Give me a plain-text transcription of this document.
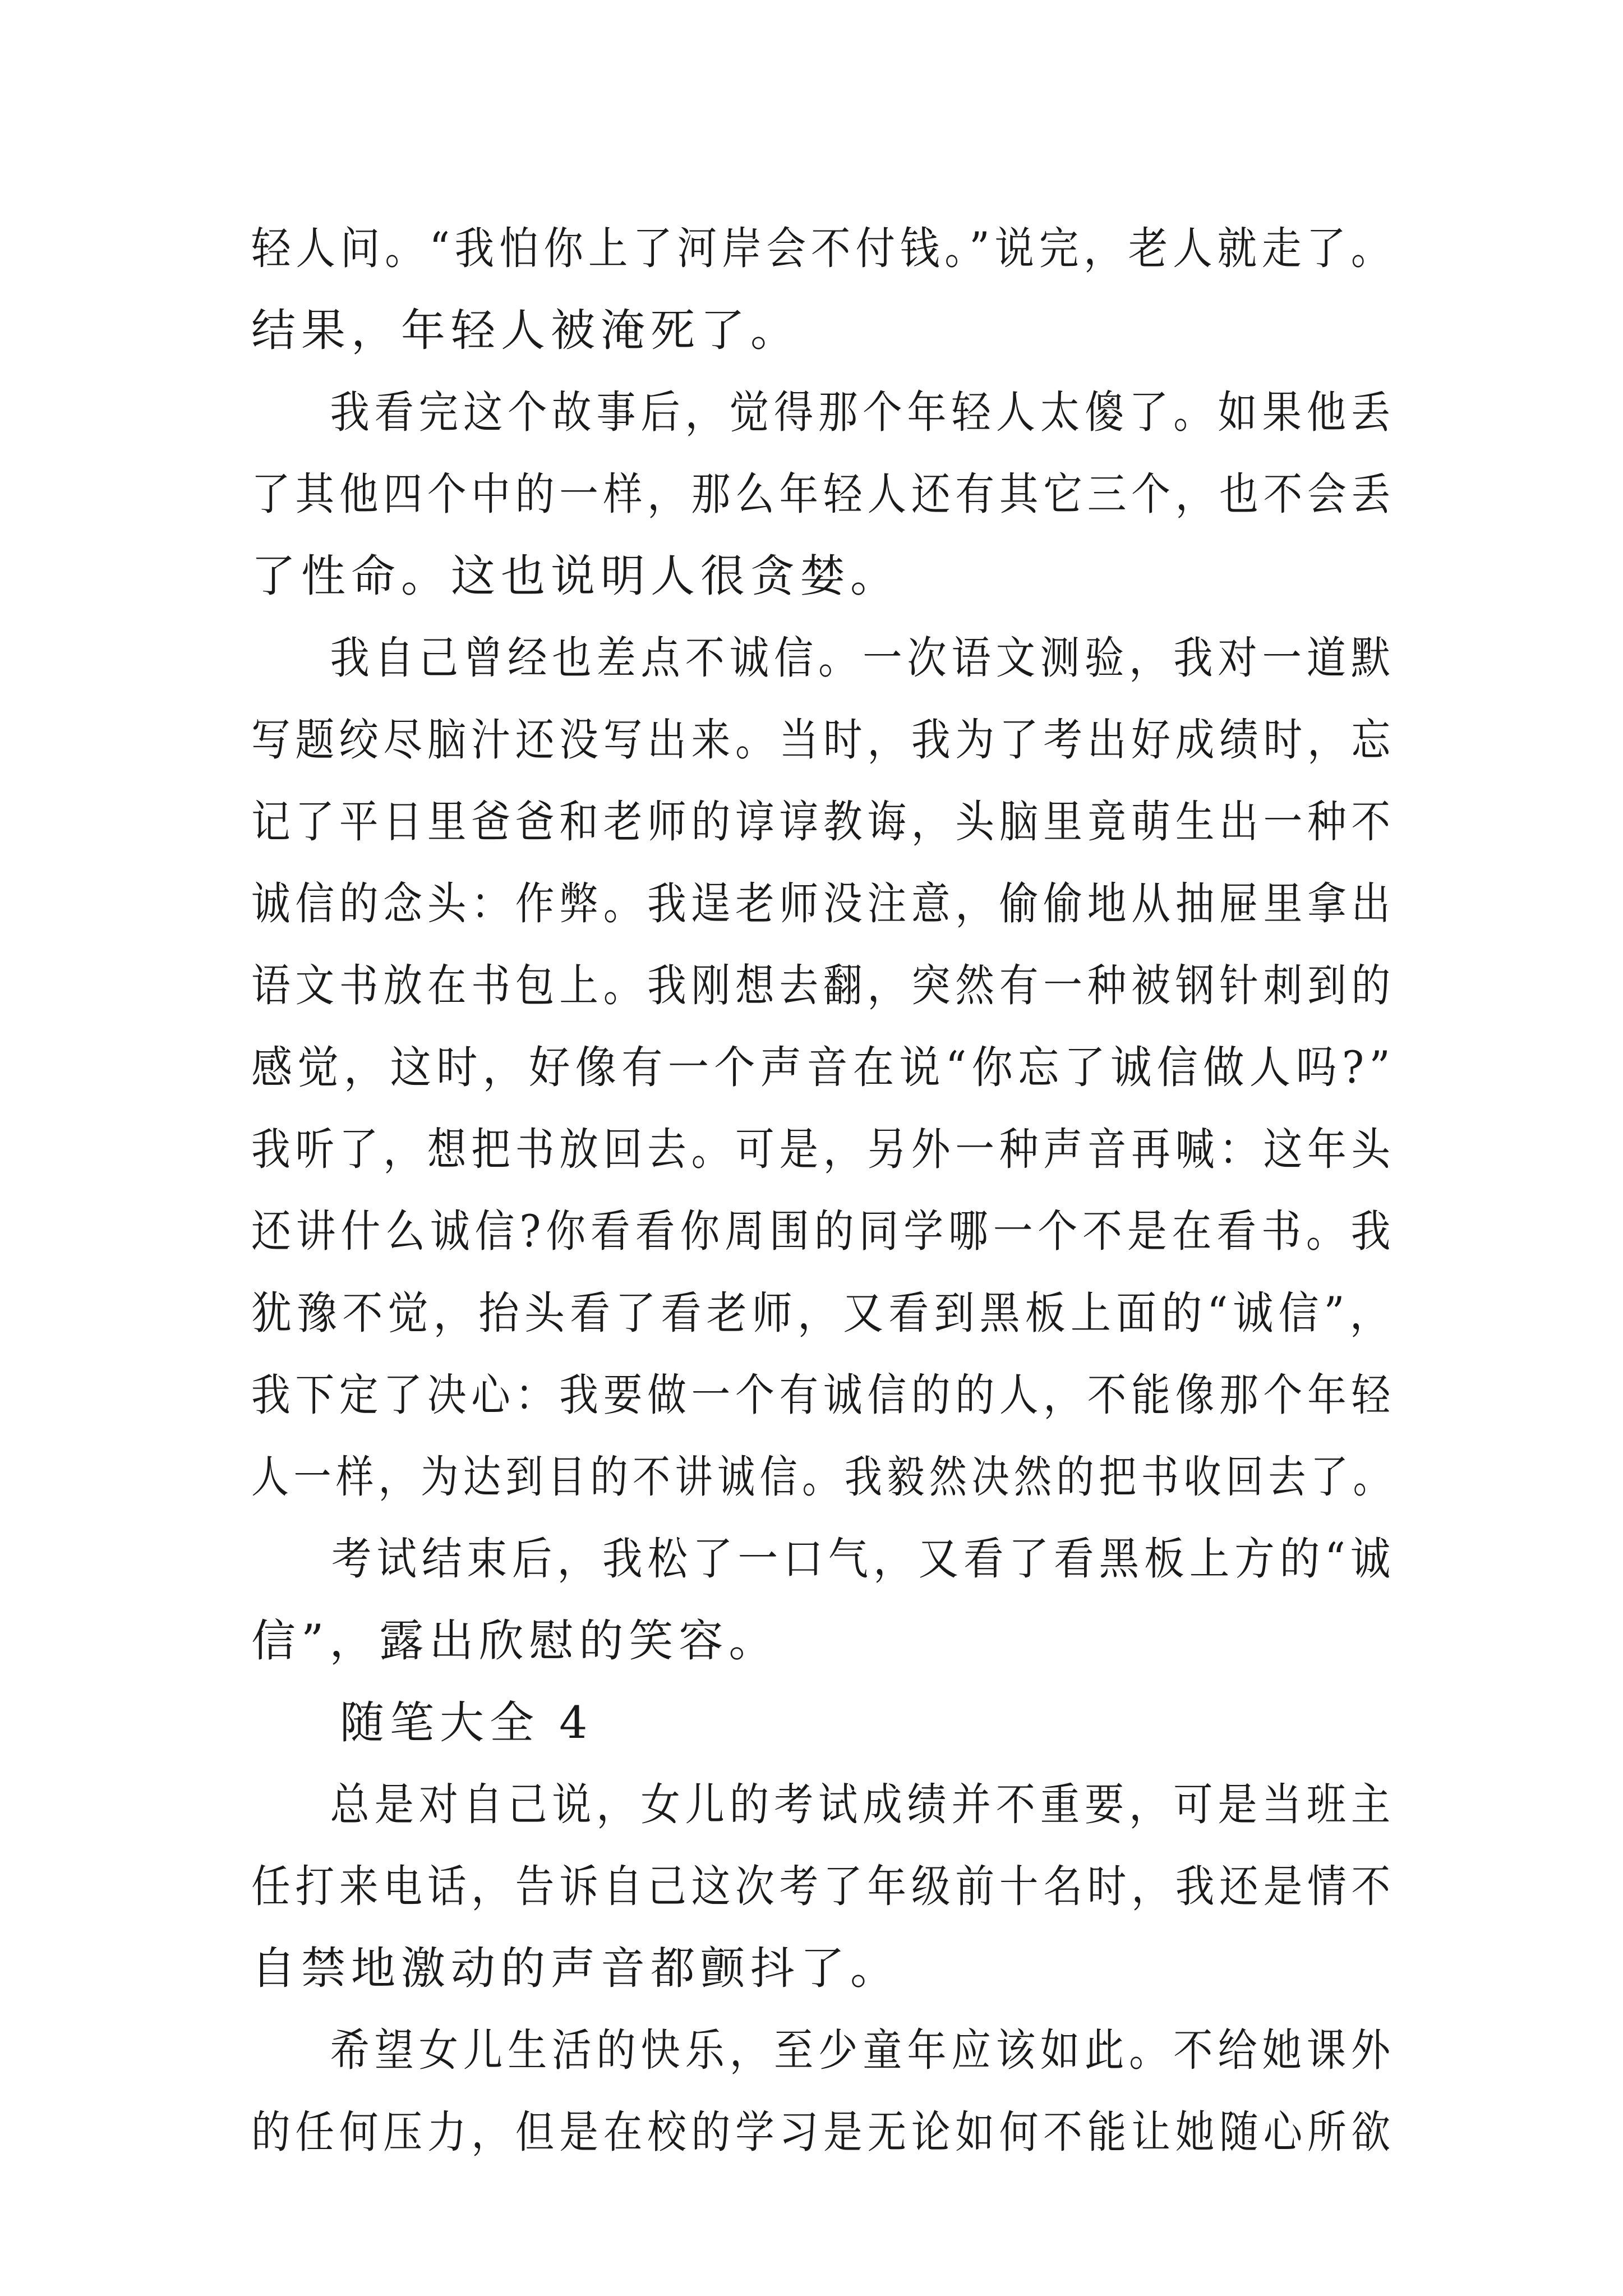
轻人问。“我怕你上了河岸会不付钱。”说完，老人就走了。
结果，年轻人被淹死了。
我看完这个故事后，觉得那个年轻人太傻了。如果他丢
了其他四个中的一样，那么年轻人还有其它三个，也不会丢
了性命。这也说明人很贪婪。
我自己曾经也差点不诚信。一次语文测验，我对一道默
写题绞尽脑汁还没写出来。当时，我为了考出好成绩时，忘
记了平日里爸爸和老师的谆谆教诲，头脑里竟萌生出一种不
诚信的念头：作弊。我逞老师没注意，偷偷地从抽屉里拿出
语文书放在书包上。我刚想去翻，突然有一种被钢针刺到的
感觉，这时，好像有一个声音在说“你忘了诚信做人吗?”
我听了，想把书放回去。可是，另外一种声音再喊：这年头
还讲什么诚信?你看看你周围的同学哪一个不是在看书。我
犹豫不觉，抬头看了看老师，又看到黑板上面的“诚信”，
我下定了决心：我要做一个有诚信的的人，不能像那个年轻
人一样，为达到目的不讲诚信。我毅然决然的把书收回去了。
考试结束后，我松了一口气，又看了看黑板上方的“诚
信”，露出欣慰的笑容。
随笔大全 4
总是对自己说，女儿的考试成绩并不重要，可是当班主
任打来电话，告诉自己这次考了年级前十名时，我还是情不
自禁地激动的声音都颤抖了。
希望女儿生活的快乐，至少童年应该如此。不给她课外
的任何压力，但是在校的学习是无论如何不能让她随心所欲
